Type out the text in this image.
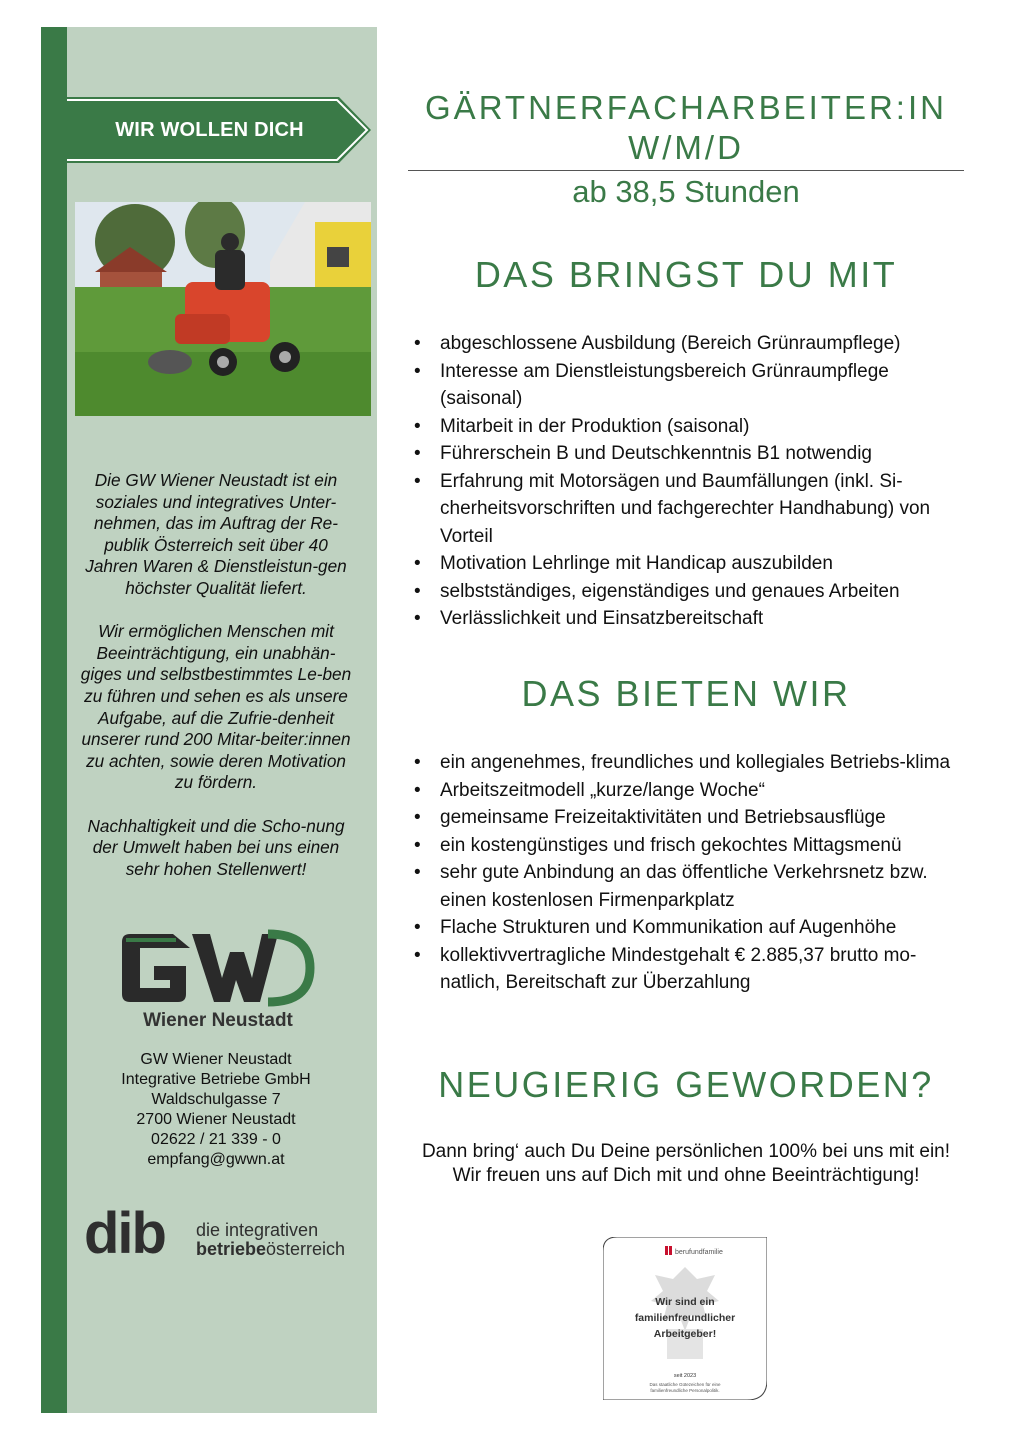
WIR WOLLEN DICH

Die GW Wiener Neustadt ist ein soziales und integratives Unter-nehmen, das im Auftrag der Re-publik Österreich seit über 40 Jahren Waren & Dienstleistun-gen höchster Qualität liefert.

Wir ermöglichen Menschen mit Beeinträchtigung, ein unabhän-giges und selbstbestimmtes Le-ben zu führen und sehen es als unsere Aufgabe, auf die Zufrie-denheit unserer rund 200 Mitar-beiter:innen zu achten, sowie deren Motivation zu fördern.

Nachhaltigkeit und die Scho-nung der Umwelt haben bei uns einen sehr hohen Stellenwert!

Wiener Neustadt
GW Wiener Neustadt
Integrative Betriebe GmbH
Waldschulgasse 7
2700 Wiener Neustadt
02622 / 21 339 - 0
empfang@gwwn.at
dib die integrativen
betriebeösterreich
GÄRTNERFACHARBEITER:IN
W/M/D
ab 38,5 Stunden
DAS BRINGST DU MIT
• abgeschlossene Ausbildung (Bereich Grünraumpflege)
• Interesse am Dienstleistungsbereich Grünraumpflege (saisonal)
• Mitarbeit in der Produktion (saisonal)
• Führerschein B und Deutschkenntnis B1 notwendig
• Erfahrung mit Motorsägen und Baumfällungen (inkl. Si-cherheitsvorschriften und fachgerechter Handhabung) von Vorteil
• Motivation Lehrlinge mit Handicap auszubilden
• selbstständiges, eigenständiges und genaues Arbeiten
• Verlässlichkeit und Einsatzbereitschaft
DAS BIETEN WIR
• ein angenehmes, freundliches und kollegiales Betriebs-klima
• Arbeitszeitmodell „kurze/lange Woche“
• gemeinsame Freizeitaktivitäten und Betriebsausflüge
• ein kostengünstiges und frisch gekochtes Mittagsmenü
• sehr gute Anbindung an das öffentliche Verkehrsnetz bzw. einen kostenlosen Firmenparkplatz
• Flache Strukturen und Kommunikation auf Augenhöhe
• kollektivvertragliche Mindestgehalt € 2.885,37 brutto mo-natlich, Bereitschaft zur Überzahlung
NEUGIERIG GEWORDEN?
Dann bring‘ auch Du Deine persönlichen 100% bei uns mit ein!
Wir freuen uns auf Dich mit und ohne Beeinträchtigung!
berufundfamilie
Wir sind ein
familienfreundlicher
Arbeitgeber!
seit 2023
Das staatliche Gütezeichen für eine
familienfreundliche Personalpolitik.
